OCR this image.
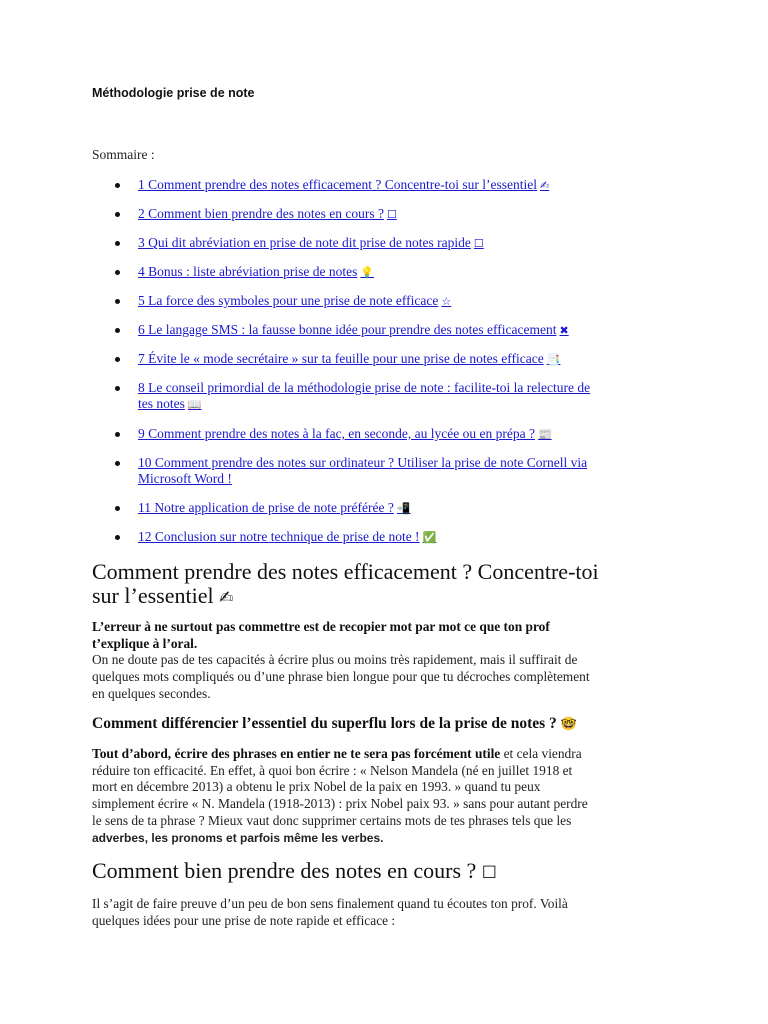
Méthodologie prise de note
Sommaire :
1 Comment prendre des notes efficacement ? Concentre-toi sur l’essentiel ✍
2 Comment bien prendre des notes en cours ? ☐
3 Qui dit abréviation en prise de note dit prise de notes rapide ☐
4 Bonus : liste abréviation prise de notes 💡
5 La force des symboles pour une prise de note efficace ☆
6 Le langage SMS : la fausse bonne idée pour prendre des notes efficacement ✖
7 Évite le « mode secrétaire » sur ta feuille pour une prise de notes efficace 📑
8 Le conseil primordial de la méthodologie prise de note : facilite-toi la relecture de
tes notes 📖
9 Comment prendre des notes à la fac, en seconde, au lycée ou en prépa ? 📰
10 Comment prendre des notes sur ordinateur ? Utiliser la prise de note Cornell via
Microsoft Word !
11 Notre application de prise de note préférée ? 📲
12 Conclusion sur notre technique de prise de note ! ✅
Comment prendre des notes efficacement ? Concentre-toi
sur l’essentiel ✍

L’erreur à ne surtout pas commettre est de recopier mot par mot ce que ton prof
t’explique à l’oral.
On ne doute pas de tes capacités à écrire plus ou moins très rapidement, mais il suffirait de
quelques mots compliqués ou d’une phrase bien longue pour que tu décroches complètement
en quelques secondes.

Comment différencier l’essentiel du superflu lors de la prise de notes ? 🤓

Tout d’abord, écrire des phrases en entier ne te sera pas forcément utile et cela viendra
réduire ton efficacité. En effet, à quoi bon écrire : « Nelson Mandela (né en juillet 1918 et
mort en décembre 2013) a obtenu le prix Nobel de la paix en 1993. » quand tu peux
simplement écrire « N. Mandela (1918-2013) : prix Nobel paix 93. » sans pour autant perdre
le sens de ta phrase ? Mieux vaut donc supprimer certains mots de tes phrases tels que les
adverbes, les pronoms et parfois même les verbes.

Comment bien prendre des notes en cours ? ☐

Il s’agit de faire preuve d’un peu de bon sens finalement quand tu écoutes ton prof. Voilà
quelques idées pour une prise de note rapide et efficace :
